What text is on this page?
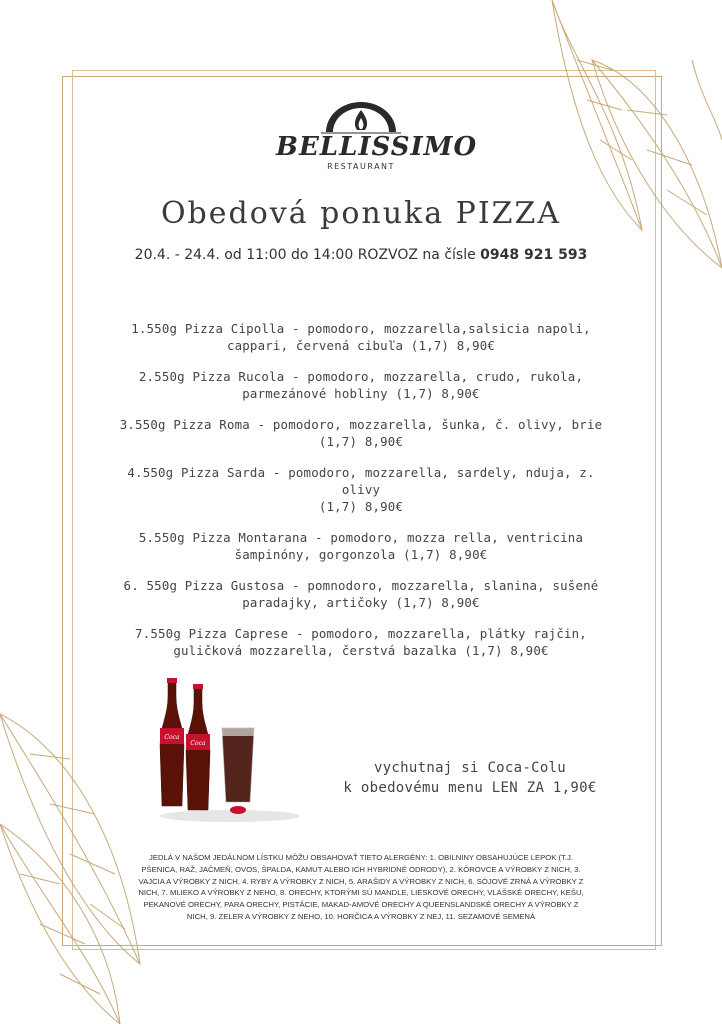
BELLISSIMO
RESTAURANT
Obedová ponuka PIZZA
20.4. - 24.4. od 11:00 do 14:00 ROZVOZ na čísle 0948 921 593
1.550g Pizza Cipolla - pomodoro, mozzarella,salsicia napoli,
cappari, červená cibuľa (1,7) 8,90€
2.550g Pizza Rucola - pomodoro, mozzarella, crudo, rukola,
parmezánové hobliny (1,7) 8,90€
3.550g Pizza Roma - pomodoro, mozzarella, šunka, č. olivy, brie
(1,7) 8,90€
4.550g Pizza Sarda - pomodoro, mozzarella, sardely, nduja, z. olivy
(1,7) 8,90€
5.550g Pizza Montarana - pomodoro, mozza rella, ventricina
šampinóny, gorgonzola (1,7) 8,90€
6. 550g Pizza Gustosa - pomnodoro, mozzarella, slanina, sušené
paradajky, artičoky (1,7) 8,90€
7.550g Pizza Caprese - pomodoro, mozzarella, plátky rajčin,
guličková mozzarella, čerstvá bazalka (1,7) 8,90€
Coca
Coca
vychutnaj si Coca-Colu
k obedovému menu LEN ZA 1,90€
JEDLÁ V NAŠOM JEDÁLNOM LÍSTKU MÔŽU OBSAHOVAŤ TIETO ALERGÉNY: 1. OBILNINY OBSAHUJÚCE LEPOK (T.J. PŠENICA, RAŽ, JAČMEŇ, OVOS, ŠPALDA, KAMUT ALEBO ICH HYBRIDNÉ ODRODY), 2. KÔROVCE A VÝROBKY Z NICH, 3. VAJCIA A VÝROBKY Z NICH, 4. RYBY A VÝROBKY Z NICH, 5. ARAŠIDY A VÝROBKY Z NICH, 6. SÓJOVÉ ZRNÁ A VÝROBKY Z NICH, 7. MLIEKO A VÝROBKY Z NEHO, 8. ORECHY, KTORÝMI SÚ MANDLE, LIESKOVÉ ORECHY, VLAŠSKÉ ORECHY, KEŠU, PEKANOVÉ ORECHY, PARA ORECHY, PISTÁCIE, MAKAD-AMOVÉ ORECHY A QUEENSLANDSKÉ ORECHY A VÝROBKY Z NICH, 9. ZELER A VÝROBKY Z NEHO, 10. HORČICA A VÝROBKY Z NEJ, 11. SEZAMOVÉ SEMENÁ
